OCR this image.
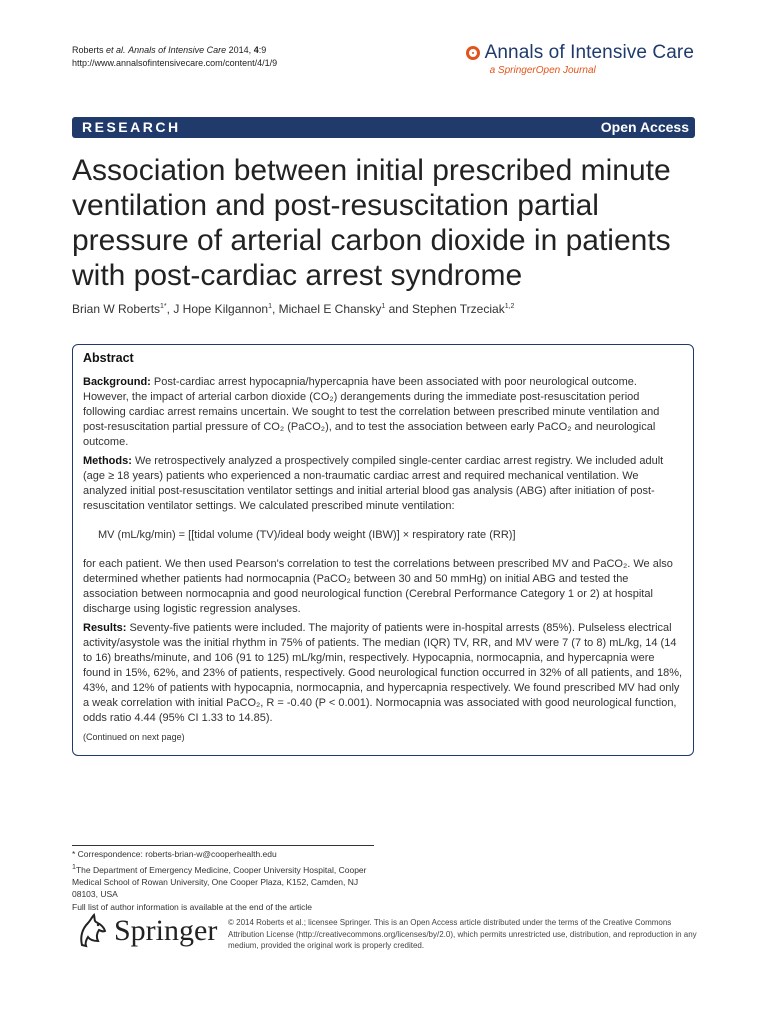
Roberts et al. Annals of Intensive Care 2014, 4:9
http://www.annalsofintensivecare.com/content/4/1/9	Annals of Intensive Care
a SpringerOpen Journal
RESEARCH	Open Access
Association between initial prescribed minute ventilation and post-resuscitation partial pressure of arterial carbon dioxide in patients with post-cardiac arrest syndrome
Brian W Roberts$^{1*}$, J Hope Kilgannon$^1$, Michael E Chansky$^1$ and Stephen Trzeciak$^{1,2}$
Abstract

Background: Post-cardiac arrest hypocapnia/hypercapnia have been associated with poor neurological outcome. However, the impact of arterial carbon dioxide (CO₂) derangements during the immediate post-resuscitation period following cardiac arrest remains uncertain. We sought to test the correlation between prescribed minute ventilation and post-resuscitation partial pressure of CO₂ (PaCO₂), and to test the association between early PaCO₂ and neurological outcome.

Methods: We retrospectively analyzed a prospectively compiled single-center cardiac arrest registry. We included adult (age ≥ 18 years) patients who experienced a non-traumatic cardiac arrest and required mechanical ventilation. We analyzed initial post-resuscitation ventilator settings and initial arterial blood gas analysis (ABG) after initiation of post-resuscitation ventilator settings. We calculated prescribed minute ventilation:

MV (mL/kg/min) = [[tidal volume (TV)/ideal body weight (IBW)] × respiratory rate (RR)]

for each patient. We then used Pearson's correlation to test the correlations between prescribed MV and PaCO₂. We also determined whether patients had normocapnia (PaCO₂ between 30 and 50 mmHg) on initial ABG and tested the association between normocapnia and good neurological function (Cerebral Performance Category 1 or 2) at hospital discharge using logistic regression analyses.

Results: Seventy-five patients were included. The majority of patients were in-hospital arrests (85%). Pulseless electrical activity/asystole was the initial rhythm in 75% of patients. The median (IQR) TV, RR, and MV were 7 (7 to 8) mL/kg, 14 (14 to 16) breaths/minute, and 106 (91 to 125) mL/kg/min, respectively. Hypocapnia, normocapnia, and hypercapnia were found in 15%, 62%, and 23% of patients, respectively. Good neurological function occurred in 32% of all patients, and 18%, 43%, and 12% of patients with hypocapnia, normocapnia, and hypercapnia respectively. We found prescribed MV had only a weak correlation with initial PaCO₂, R = -0.40 (P < 0.001). Normocapnia was associated with good neurological function, odds ratio 4.44 (95% CI 1.33 to 14.85).

(Continued on next page)

* Correspondence: roberts-brian-w@cooperhealth.edu
$^1$The Department of Emergency Medicine, Cooper University Hospital, Cooper Medical School of Rowan University, One Cooper Plaza, K152, Camden, NJ 08103, USA
Full list of author information is available at the end of the article
Springer © 2014 Roberts et al.; licensee Springer. This is an Open Access article distributed under the terms of the Creative Commons Attribution License (http://creativecommons.org/licenses/by/2.0), which permits unrestricted use, distribution, and reproduction in any medium, provided the original work is properly credited.
